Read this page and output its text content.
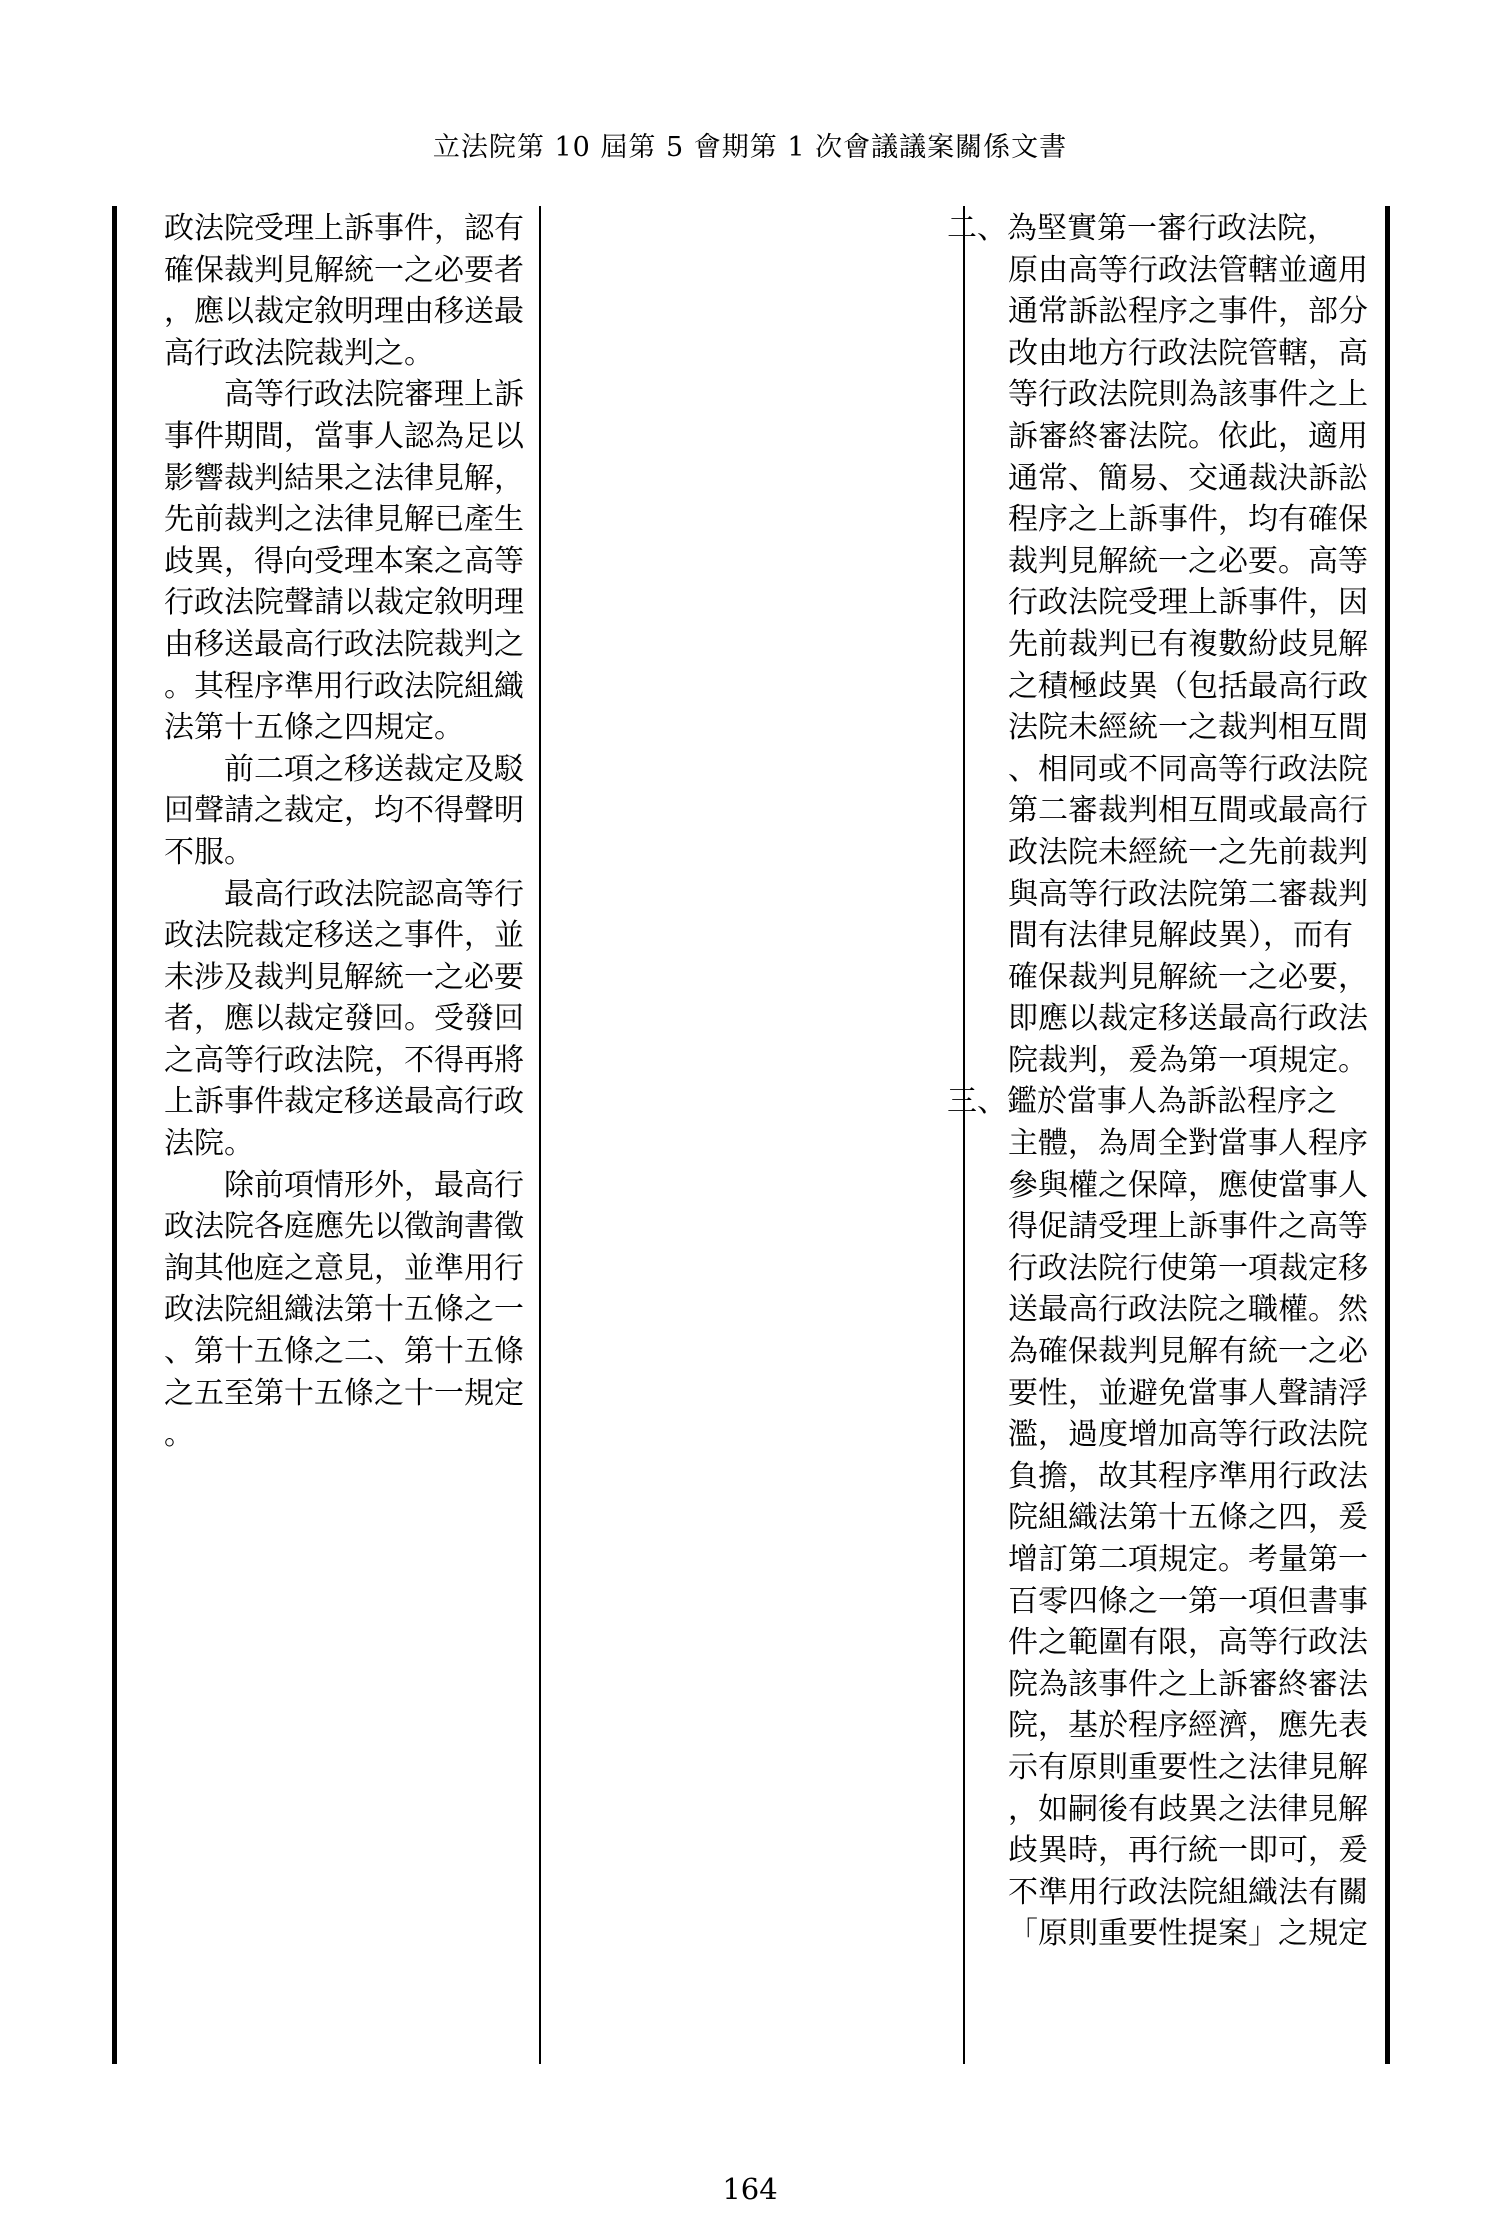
立法院第 10 屆第 5 會期第 1 次會議議案關係文書
政法院受理上訴事件，認有
確保裁判見解統一之必要者
，應以裁定敘明理由移送最
高行政法院裁判之。
　　高等行政法院審理上訴
事件期間，當事人認為足以
影響裁判結果之法律見解，
先前裁判之法律見解已產生
歧異，得向受理本案之高等
行政法院聲請以裁定敘明理
由移送最高行政法院裁判之
。其程序準用行政法院組織
法第十五條之四規定。
　　前二項之移送裁定及駁
回聲請之裁定，均不得聲明
不服。
　　最高行政法院認高等行
政法院裁定移送之事件，並
未涉及裁判見解統一之必要
者，應以裁定發回。受發回
之高等行政法院，不得再將
上訴事件裁定移送最高行政
法院。
　　除前項情形外，最高行
政法院各庭應先以徵詢書徵
詢其他庭之意見，並準用行
政法院組織法第十五條之一
、第十五條之二、第十五條
之五至第十五條之十一規定
。
二、為堅實第一審行政法院，
原由高等行政法管轄並適用
通常訴訟程序之事件，部分
改由地方行政法院管轄，高
等行政法院則為該事件之上
訴審終審法院。依此，適用
通常、簡易、交通裁決訴訟
程序之上訴事件，均有確保
裁判見解統一之必要。高等
行政法院受理上訴事件，因
先前裁判已有複數紛歧見解
之積極歧異（包括最高行政
法院未經統一之裁判相互間
、相同或不同高等行政法院
第二審裁判相互間或最高行
政法院未經統一之先前裁判
與高等行政法院第二審裁判
間有法律見解歧異），而有
確保裁判見解統一之必要，
即應以裁定移送最高行政法
院裁判，爰為第一項規定。
三、鑑於當事人為訴訟程序之
主體，為周全對當事人程序
參與權之保障，應使當事人
得促請受理上訴事件之高等
行政法院行使第一項裁定移
送最高行政法院之職權。然
為確保裁判見解有統一之必
要性，並避免當事人聲請浮
濫，過度增加高等行政法院
負擔，故其程序準用行政法
院組織法第十五條之四，爰
增訂第二項規定。考量第一
百零四條之一第一項但書事
件之範圍有限，高等行政法
院為該事件之上訴審終審法
院，基於程序經濟，應先表
示有原則重要性之法律見解
，如嗣後有歧異之法律見解
歧異時，再行統一即可，爰
不準用行政法院組織法有關
「原則重要性提案」之規定
164
